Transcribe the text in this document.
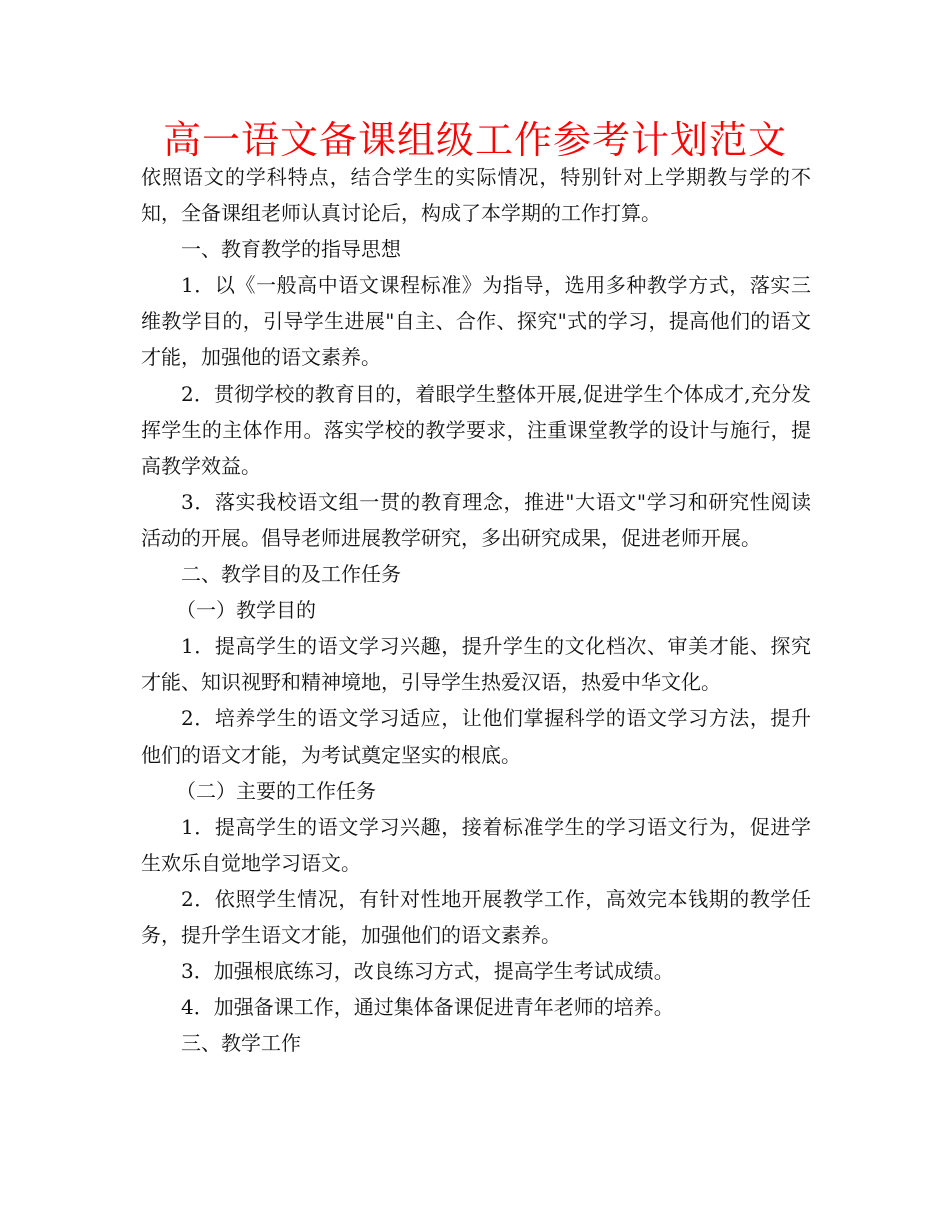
高一语文备课组级工作参考计划范文

依照语文的学科特点，结合学生的实际情况，特别针对上学期教与学的不知，全备课组老师认真讨论后，构成了本学期的工作打算。

一、教育教学的指导思想

1．以《一般高中语文课程标准》为指导，选用多种教学方式，落实三维教学目的，引导学生进展"自主、合作、探究"式的学习，提高他们的语文才能，加强他的语文素养。

2．贯彻学校的教育目的，着眼学生整体开展,促进学生个体成才,充分发挥学生的主体作用。落实学校的教学要求，注重课堂教学的设计与施行，提高教学效益。

3．落实我校语文组一贯的教育理念，推进"大语文"学习和研究性阅读活动的开展。倡导老师进展教学研究，多出研究成果，促进老师开展。

二、教学目的及工作任务

（一）教学目的

1．提高学生的语文学习兴趣，提升学生的文化档次、审美才能、探究才能、知识视野和精神境地，引导学生热爱汉语，热爱中华文化。

2．培养学生的语文学习适应，让他们掌握科学的语文学习方法，提升他们的语文才能，为考试奠定坚实的根底。

（二）主要的工作任务

1．提高学生的语文学习兴趣，接着标准学生的学习语文行为，促进学生欢乐自觉地学习语文。

2．依照学生情况，有针对性地开展教学工作，高效完本钱期的教学任务，提升学生语文才能，加强他们的语文素养。

3．加强根底练习，改良练习方式，提高学生考试成绩。

4．加强备课工作，通过集体备课促进青年老师的培养。

三、教学工作
